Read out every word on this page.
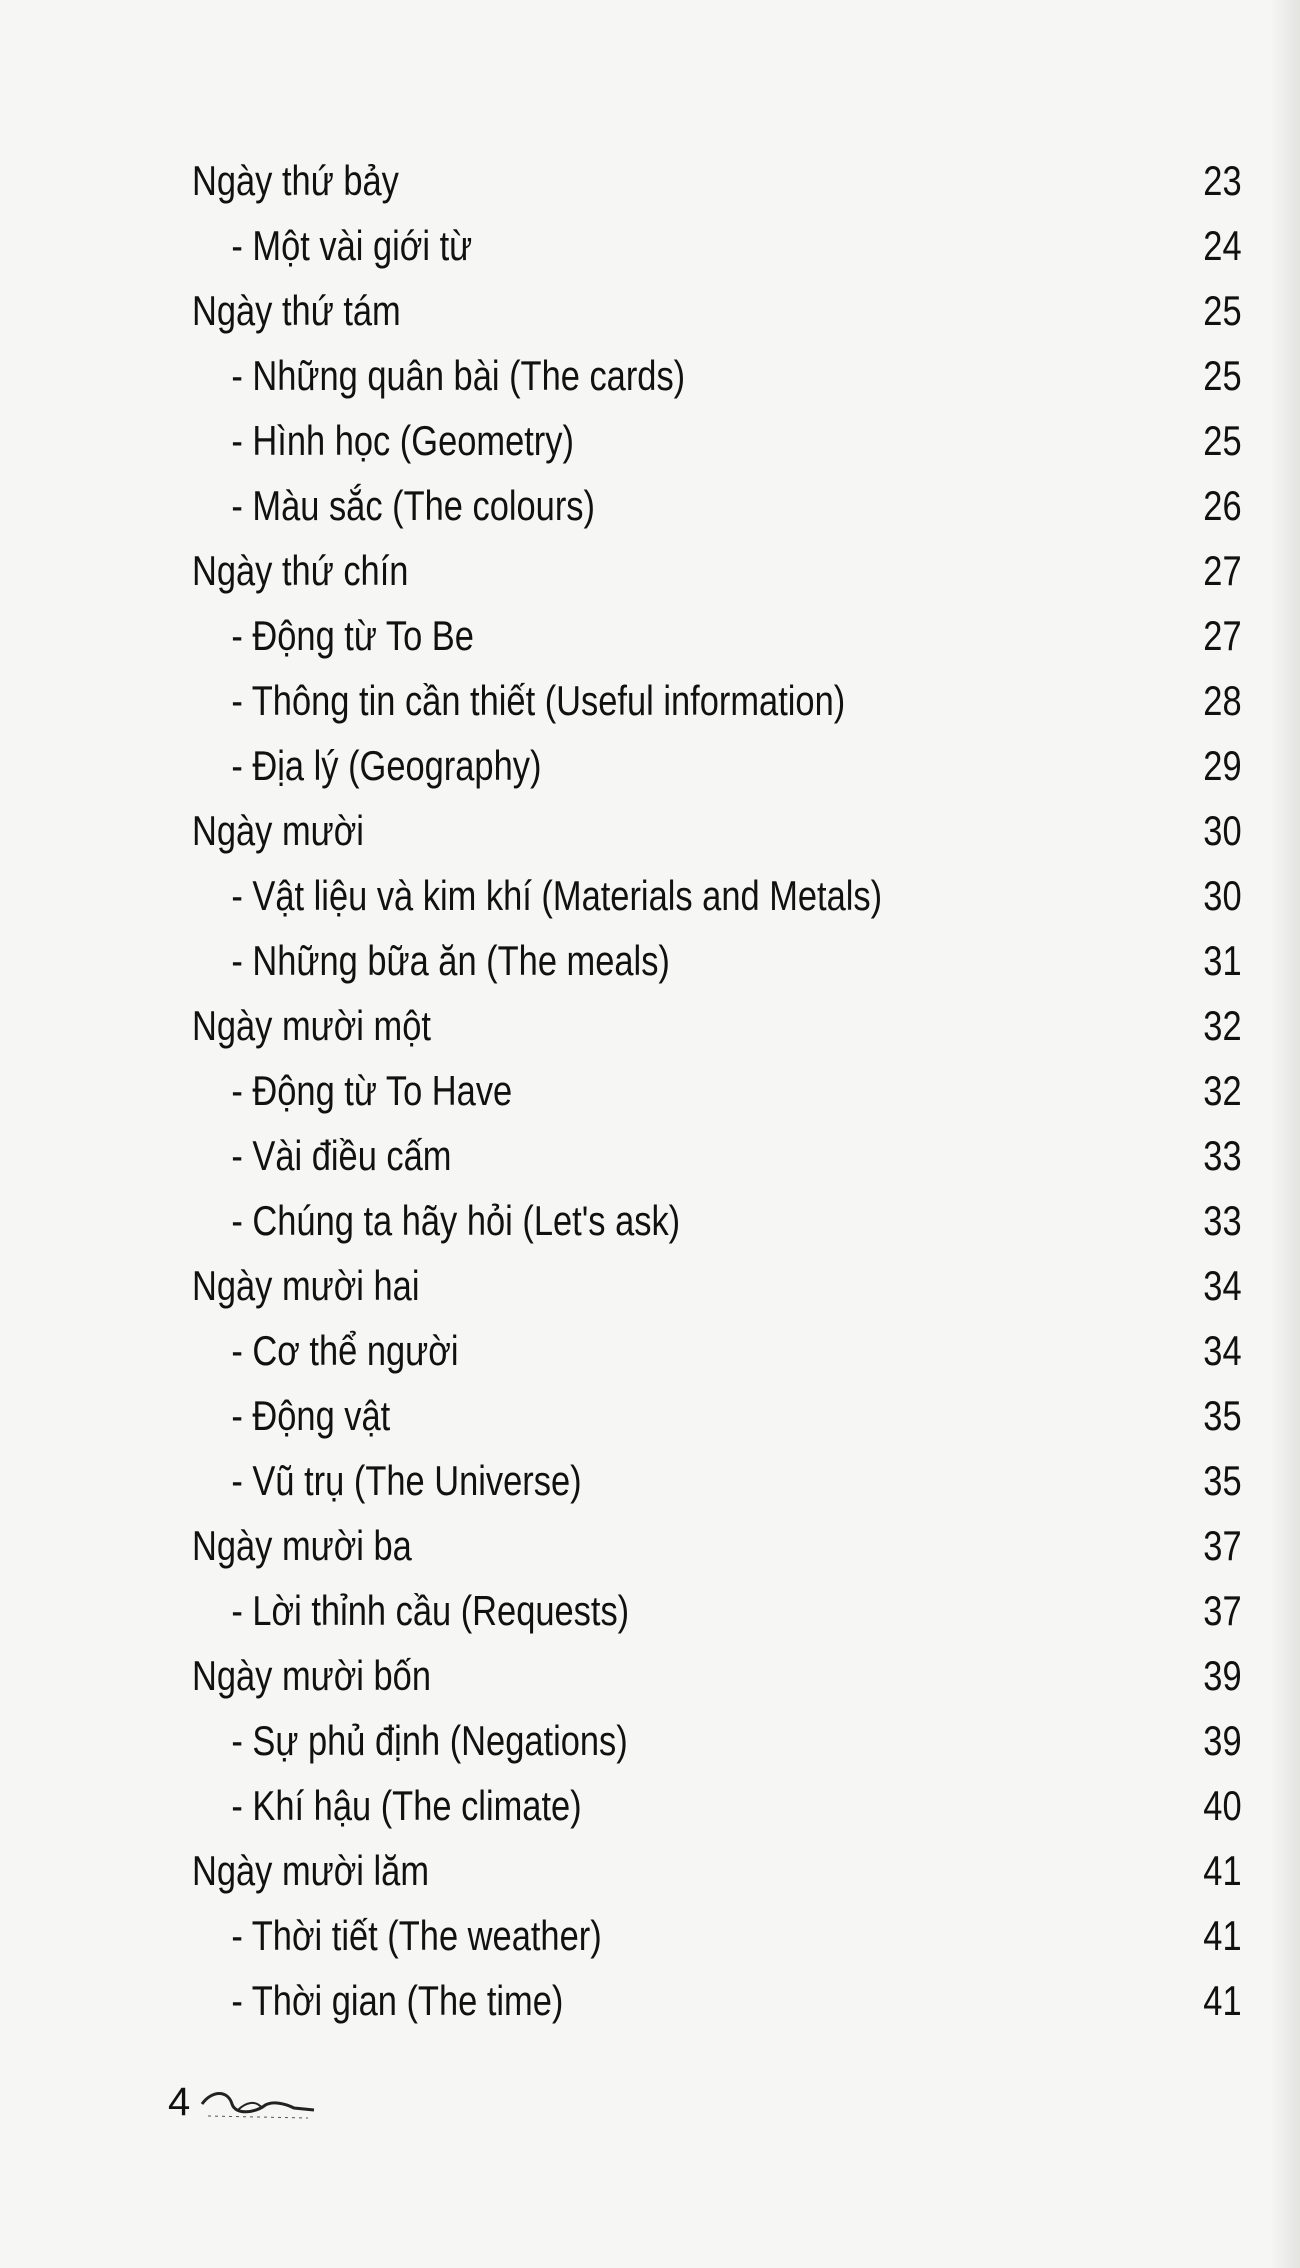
Ngày thứ bảy	23
- Một vài giới từ	24
Ngày thứ tám	25
- Những quân bài (The cards)	25
- Hình học (Geometry)	25
- Màu sắc (The colours)	26
Ngày thứ chín	27
- Động từ To Be	27
- Thông tin cần thiết (Useful information)	28
- Địa lý (Geography)	29
Ngày mười	30
- Vật liệu và kim khí (Materials and Metals)	30
- Những bữa ăn (The meals)	31
Ngày mười một	32
- Động từ To Have	32
- Vài điều cấm	33
- Chúng ta hãy hỏi (Let's ask)	33
Ngày mười hai	34
- Cơ thể người	34
- Động vật	35
- Vũ trụ (The Universe)	35
Ngày mười ba	37
- Lời thỉnh cầu (Requests)	37
Ngày mười bốn	39
- Sự phủ định (Negations)	39
- Khí hậu (The climate)	40
Ngày mười lăm	41
- Thời tiết (The weather)	41
- Thời gian (The time)	41
4
